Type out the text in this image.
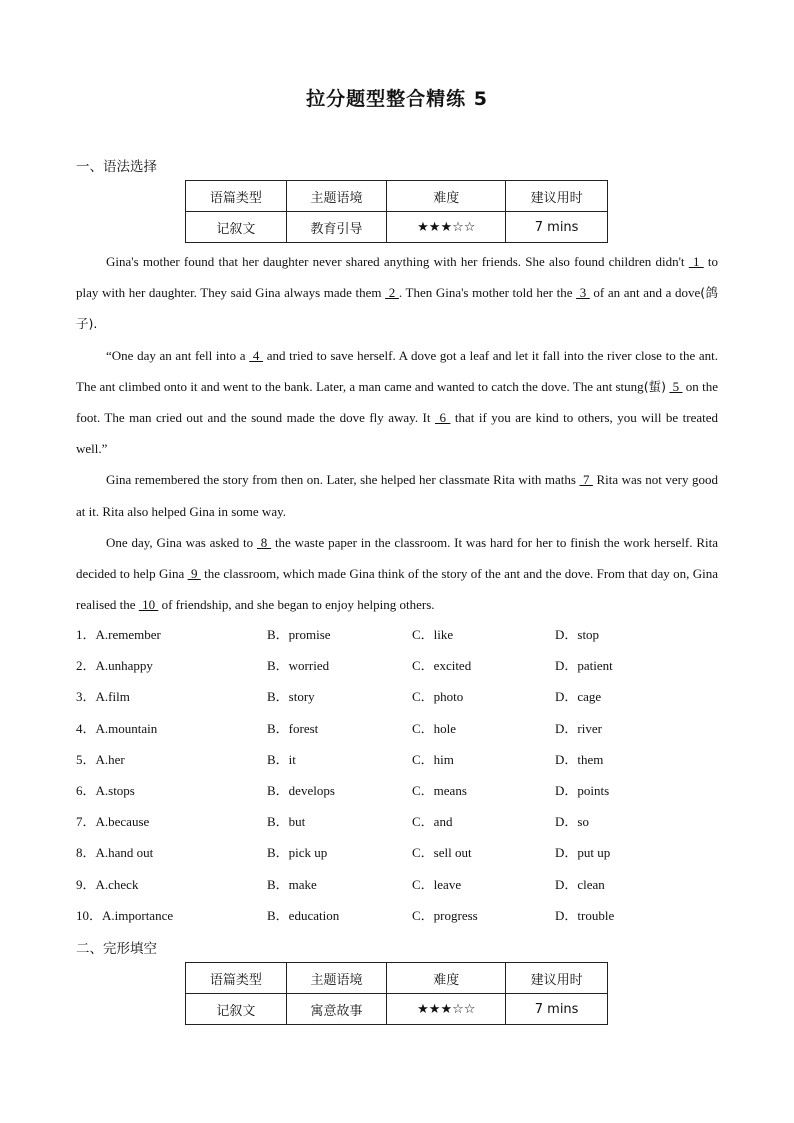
拉分题型整合精练 5
一、语法选择
语篇类型	主题语境	难度	建议用时
记叙文	教育引导	★★★☆☆	7 mins

Gina's mother found that her daughter never shared anything with her friends. She also found children didn't  1  to play with her daughter. They said Gina always made them  2 . Then Gina's mother told her the  3  of an ant and a dove(鸽子).

“One day an ant fell into a  4  and tried to save herself. A dove got a leaf and let it fall into the river close to the ant. The ant climbed onto it and went to the bank. Later, a man came and wanted to catch the dove. The ant stung(蜇)  5  on the foot. The man cried out and the sound made the dove fly away. It  6  that if you are kind to others, you will be treated well.”

Gina remembered the story from then on. Later, she helped her classmate Rita with maths  7  Rita was not very good at it. Rita also helped Gina in some way.

One day, Gina was asked to  8  the waste paper in the classroom. It was hard for her to finish the work herself. Rita decided to help Gina  9  the classroom, which made Gina think of the story of the ant and the dove. From that day on, Gina realised the  10  of friendship, and she began to enjoy helping others.

1．A.remember	B．promise	C．like	D．stop
2．A.unhappy	B．worried	C．excited	D．patient
3．A.film	B．story	C．photo	D．cage
4．A.mountain	B．forest	C．hole	D．river
5．A.her	B．it	C．him	D．them
6．A.stops	B．develops	C．means	D．points
7．A.because	B．but	C．and	D．so
8．A.hand out	B．pick up	C．sell out	D．put up
9．A.check	B．make	C．leave	D．clean
10．A.importance	B．education	C．progress	D．trouble
二、完形填空
语篇类型	主题语境	难度	建议用时
记叙文	寓意故事	★★★☆☆	7 mins
